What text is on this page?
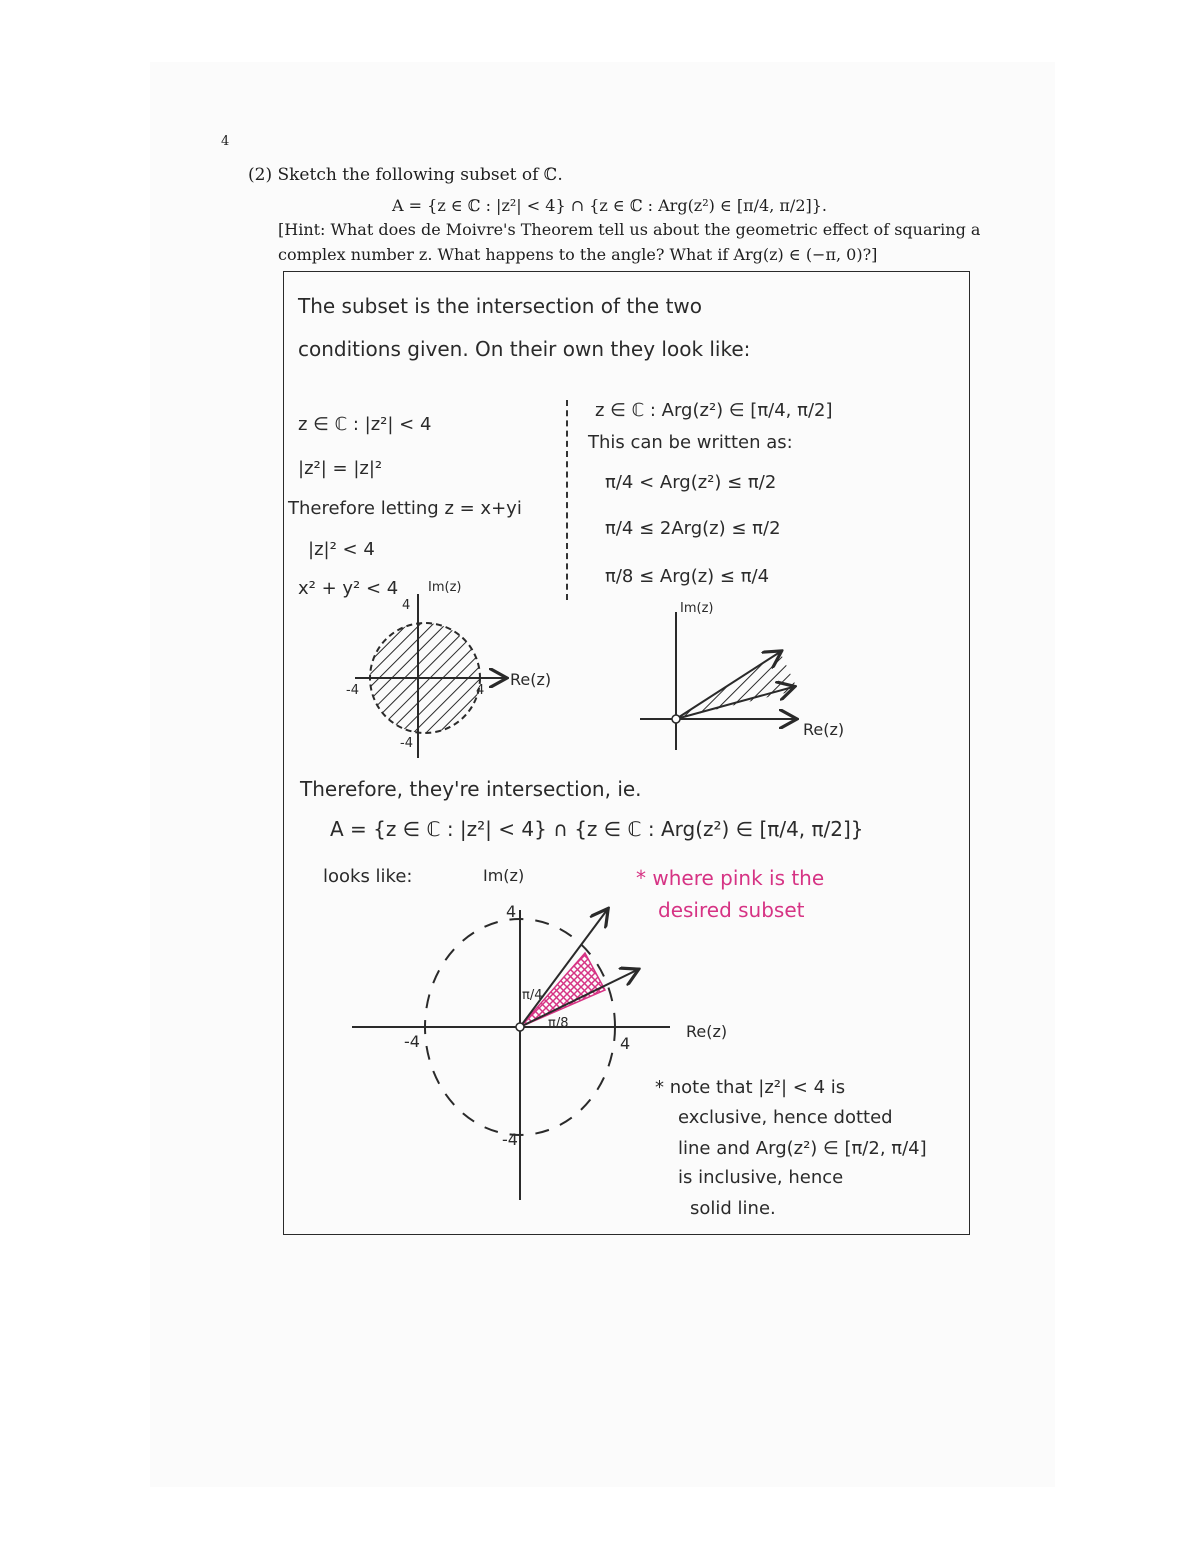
4
(2) Sketch the following subset of ℂ.
A = {z ∈ ℂ : |z²| < 4} ∩ {z ∈ ℂ : Arg(z²) ∈ [π/4, π/2]}.
[Hint: What does de Moivre's Theorem tell us about the geometric effect of squaring a
complex number z. What happens to the angle? What if Arg(z) ∈ (−π, 0)?]
The subset is the intersection of the two
conditions given. On their own they look like:
z ∈ ℂ : |z²| < 4
|z²| = |z|²
Therefore letting z = x+yi
|z|² < 4
x² + y² < 4
z ∈ ℂ : Arg(z²) ∈ [π/4, π/2]
This can be written as:
π/4 < Arg(z²) ≤ π/2
π/4 ≤ 2Arg(z) ≤ π/2
π/8 ≤ Arg(z) ≤ π/4
Im(z)
Re(z)
4
-4	4
-4
Im(z)
Re(z)
Therefore, they're intersection, ie.
A = {z ∈ ℂ : |z²| < 4} ∩ {z ∈ ℂ : Arg(z²) ∈ [π/4, π/2]}
looks like:	Im(z)	* where pink is the
desired subset
4
-4	4
-4
π/4
π/8	Re(z)
* note that |z²| < 4 is
exclusive, hence dotted
line and Arg(z²) ∈ [π/2, π/4]
is inclusive, hence
solid line.
